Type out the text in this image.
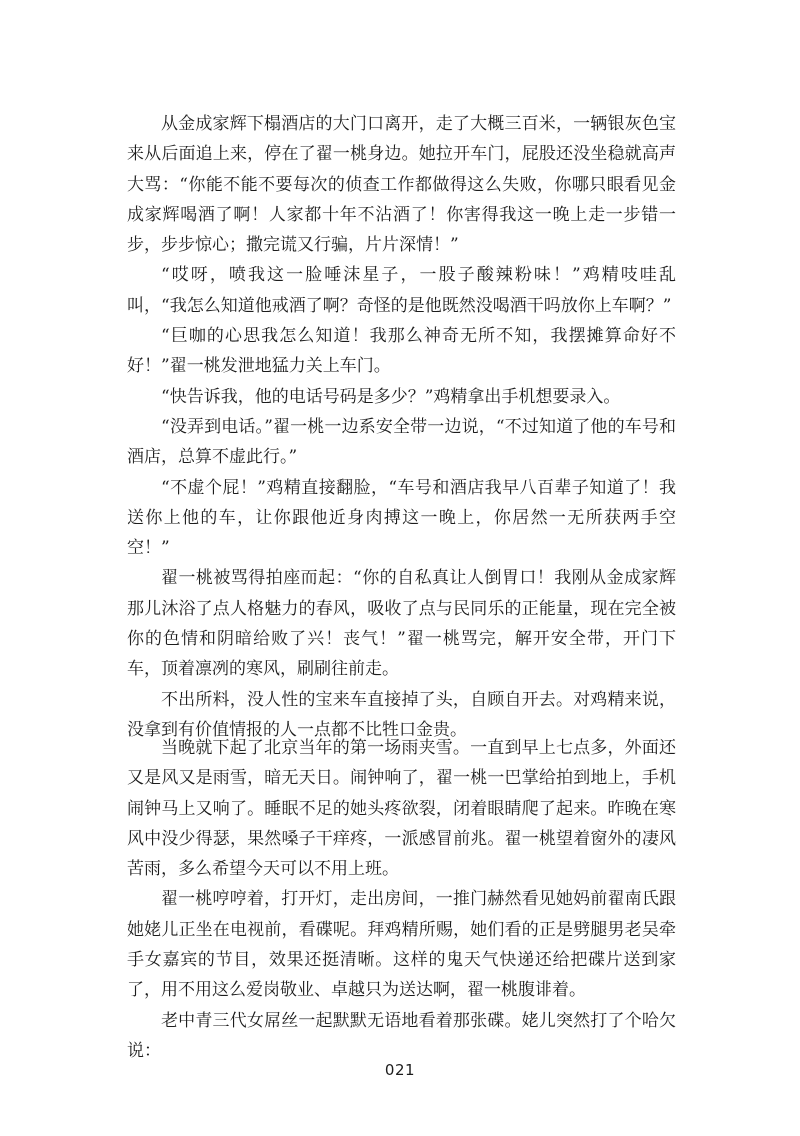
从金成家辉下榻酒店的大门口离开，走了大概三百米，一辆银灰色宝来从后面追上来，停在了翟一桃身边。她拉开车门，屁股还没坐稳就高声大骂：“你能不能不要每次的侦查工作都做得这么失败，你哪只眼看见金成家辉喝酒了啊！人家都十年不沾酒了！你害得我这一晚上走一步错一步，步步惊心；撒完谎又行骗，片片深情！”

“哎呀，喷我这一脸唾沫星子，一股子酸辣粉味！”鸡精吱哇乱叫，“我怎么知道他戒酒了啊？奇怪的是他既然没喝酒干吗放你上车啊？”

“巨咖的心思我怎么知道！我那么神奇无所不知，我摆摊算命好不好！”翟一桃发泄地猛力关上车门。

“快告诉我，他的电话号码是多少？”鸡精拿出手机想要录入。

“没弄到电话。”翟一桃一边系安全带一边说，“不过知道了他的车号和酒店，总算不虚此行。”

“不虚个屁！”鸡精直接翻脸，“车号和酒店我早八百辈子知道了！我送你上他的车，让你跟他近身肉搏这一晚上，你居然一无所获两手空空！”

翟一桃被骂得拍座而起：“你的自私真让人倒胃口！我刚从金成家辉那儿沐浴了点人格魅力的春风，吸收了点与民同乐的正能量，现在完全被你的色情和阴暗给败了兴！丧气！”翟一桃骂完，解开安全带，开门下车，顶着凛冽的寒风，刷刷往前走。

不出所料，没人性的宝来车直接掉了头，自顾自开去。对鸡精来说，没拿到有价值情报的人一点都不比牲口金贵。

当晚就下起了北京当年的第一场雨夹雪。一直到早上七点多，外面还又是风又是雨雪，暗无天日。闹钟响了，翟一桃一巴掌给拍到地上，手机闹钟马上又响了。睡眠不足的她头疼欲裂，闭着眼睛爬了起来。昨晚在寒风中没少得瑟，果然嗓子干痒疼，一派感冒前兆。翟一桃望着窗外的凄风苦雨，多么希望今天可以不用上班。

翟一桃哼哼着，打开灯，走出房间，一推门赫然看见她妈前翟南氏跟她姥儿正坐在电视前，看碟呢。拜鸡精所赐，她们看的正是劈腿男老吴牵手女嘉宾的节目，效果还挺清晰。这样的鬼天气快递还给把碟片送到家了，用不用这么爱岗敬业、卓越只为送达啊，翟一桃腹诽着。

老中青三代女屌丝一起默默无语地看着那张碟。姥儿突然打了个哈欠说：

021
